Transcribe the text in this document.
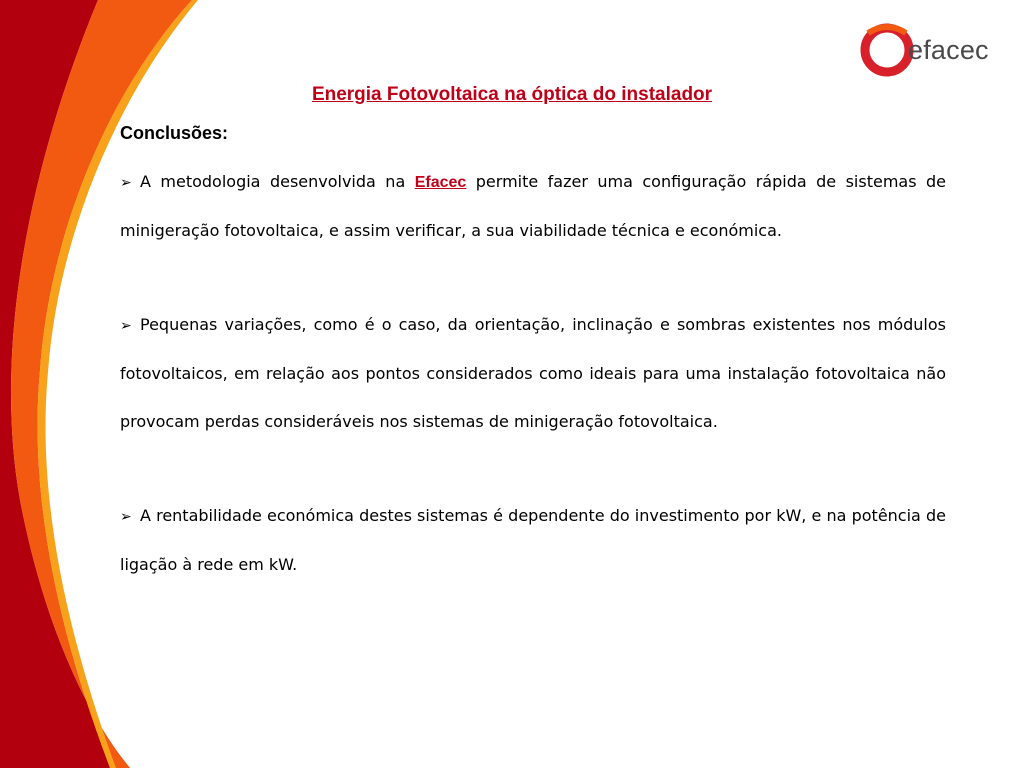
efacec
Energia Fotovoltaica na óptica do instalador
Conclusões:

➢ A metodologia desenvolvida na Efacec permite fazer uma configuração rápida de sistemas de minigeração fotovoltaica, e assim verificar, a sua viabilidade técnica e económica.

➢ Pequenas variações, como é o caso, da orientação, inclinação e sombras existentes nos módulos fotovoltaicos, em relação aos pontos considerados como ideais para uma instalação fotovoltaica não provocam perdas consideráveis nos sistemas de minigeração fotovoltaica.

➢ A rentabilidade económica destes sistemas é dependente do investimento por kW, e na potência de ligação à rede em kW.
